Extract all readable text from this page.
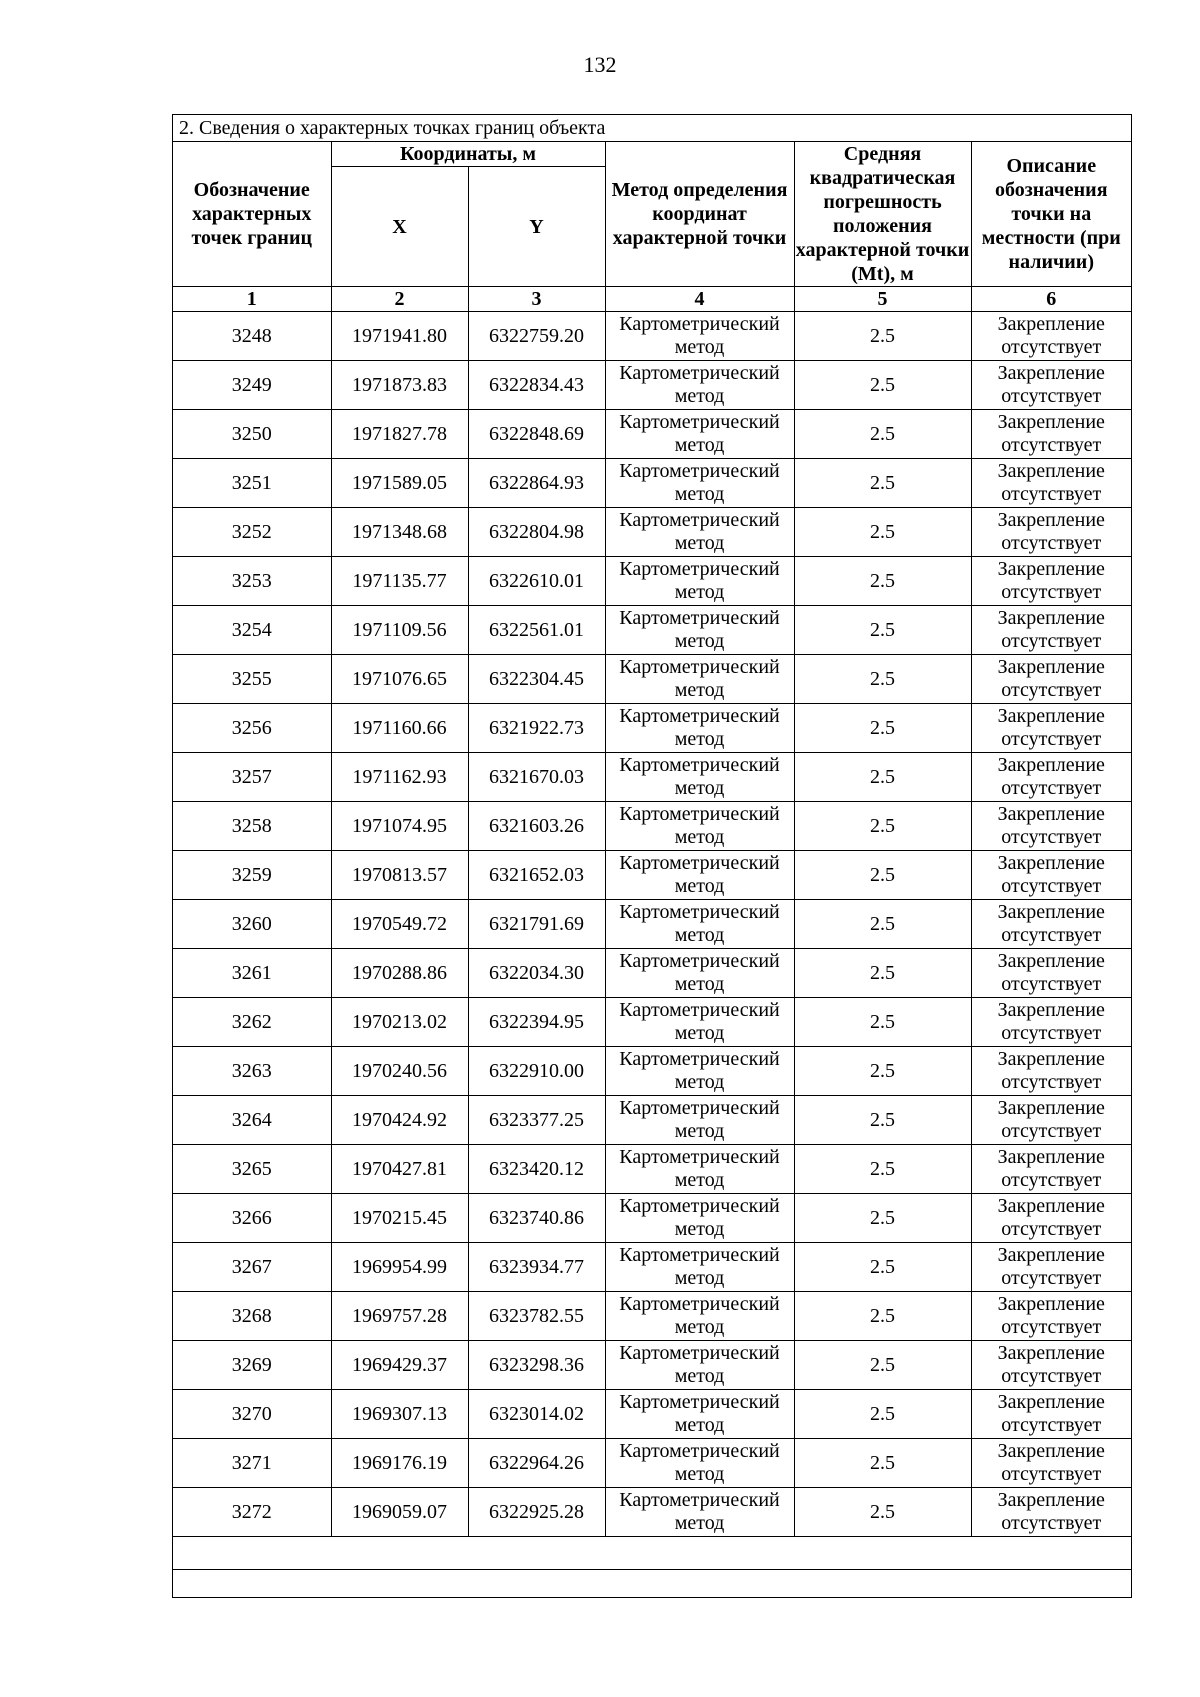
132
2. Сведения о характерных точках границ объекта
Обозначение характерных точек границ	Координаты, м		Метод определения координат характерной точки	Средняя квадратическая погрешность положения характерной точки (Mt), м	Описание обозначения точки на местности (при наличии)
	X	Y			
1	2	3	4	5	6
3248	1971941.80	6322759.20	Картометрический метод	2.5	Закрепление отсутствует
3249	1971873.83	6322834.43	Картометрический метод	2.5	Закрепление отсутствует
3250	1971827.78	6322848.69	Картометрический метод	2.5	Закрепление отсутствует
3251	1971589.05	6322864.93	Картометрический метод	2.5	Закрепление отсутствует
3252	1971348.68	6322804.98	Картометрический метод	2.5	Закрепление отсутствует
3253	1971135.77	6322610.01	Картометрический метод	2.5	Закрепление отсутствует
3254	1971109.56	6322561.01	Картометрический метод	2.5	Закрепление отсутствует
3255	1971076.65	6322304.45	Картометрический метод	2.5	Закрепление отсутствует
3256	1971160.66	6321922.73	Картометрический метод	2.5	Закрепление отсутствует
3257	1971162.93	6321670.03	Картометрический метод	2.5	Закрепление отсутствует
3258	1971074.95	6321603.26	Картометрический метод	2.5	Закрепление отсутствует
3259	1970813.57	6321652.03	Картометрический метод	2.5	Закрепление отсутствует
3260	1970549.72	6321791.69	Картометрический метод	2.5	Закрепление отсутствует
3261	1970288.86	6322034.30	Картометрический метод	2.5	Закрепление отсутствует
3262	1970213.02	6322394.95	Картометрический метод	2.5	Закрепление отсутствует
3263	1970240.56	6322910.00	Картометрический метод	2.5	Закрепление отсутствует
3264	1970424.92	6323377.25	Картометрический метод	2.5	Закрепление отсутствует
3265	1970427.81	6323420.12	Картометрический метод	2.5	Закрепление отсутствует
3266	1970215.45	6323740.86	Картометрический метод	2.5	Закрепление отсутствует
3267	1969954.99	6323934.77	Картометрический метод	2.5	Закрепление отсутствует
3268	1969757.28	6323782.55	Картометрический метод	2.5	Закрепление отсутствует
3269	1969429.37	6323298.36	Картометрический метод	2.5	Закрепление отсутствует
3270	1969307.13	6323014.02	Картометрический метод	2.5	Закрепление отсутствует
3271	1969176.19	6322964.26	Картометрический метод	2.5	Закрепление отсутствует
3272	1969059.07	6322925.28	Картометрический метод	2.5	Закрепление отсутствует
